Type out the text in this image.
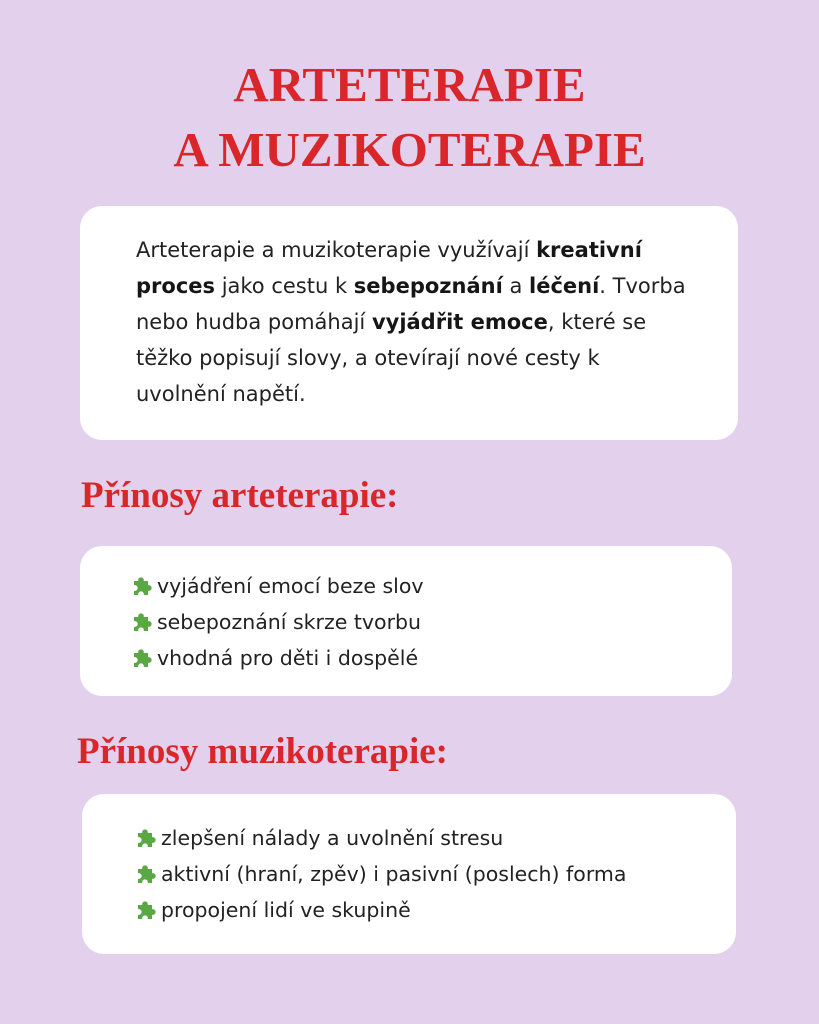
ARTETERAPIE
A MUZIKOTERAPIE

Arteterapie a muzikoterapie využívají kreativní proces jako cestu k sebepoznání a léčení. Tvorba nebo hudba pomáhají vyjádřit emoce, které se těžko popisují slovy, a otevírají nové cesty k uvolnění napětí.

Přínosy arteterapie:
vyjádření emocí beze slov
sebepoznání skrze tvorbu
vhodná pro děti i dospělé
Přínosy muzikoterapie:
zlepšení nálady a uvolnění stresu
aktivní (hraní, zpěv) i pasivní (poslech) forma
propojení lidí ve skupině
